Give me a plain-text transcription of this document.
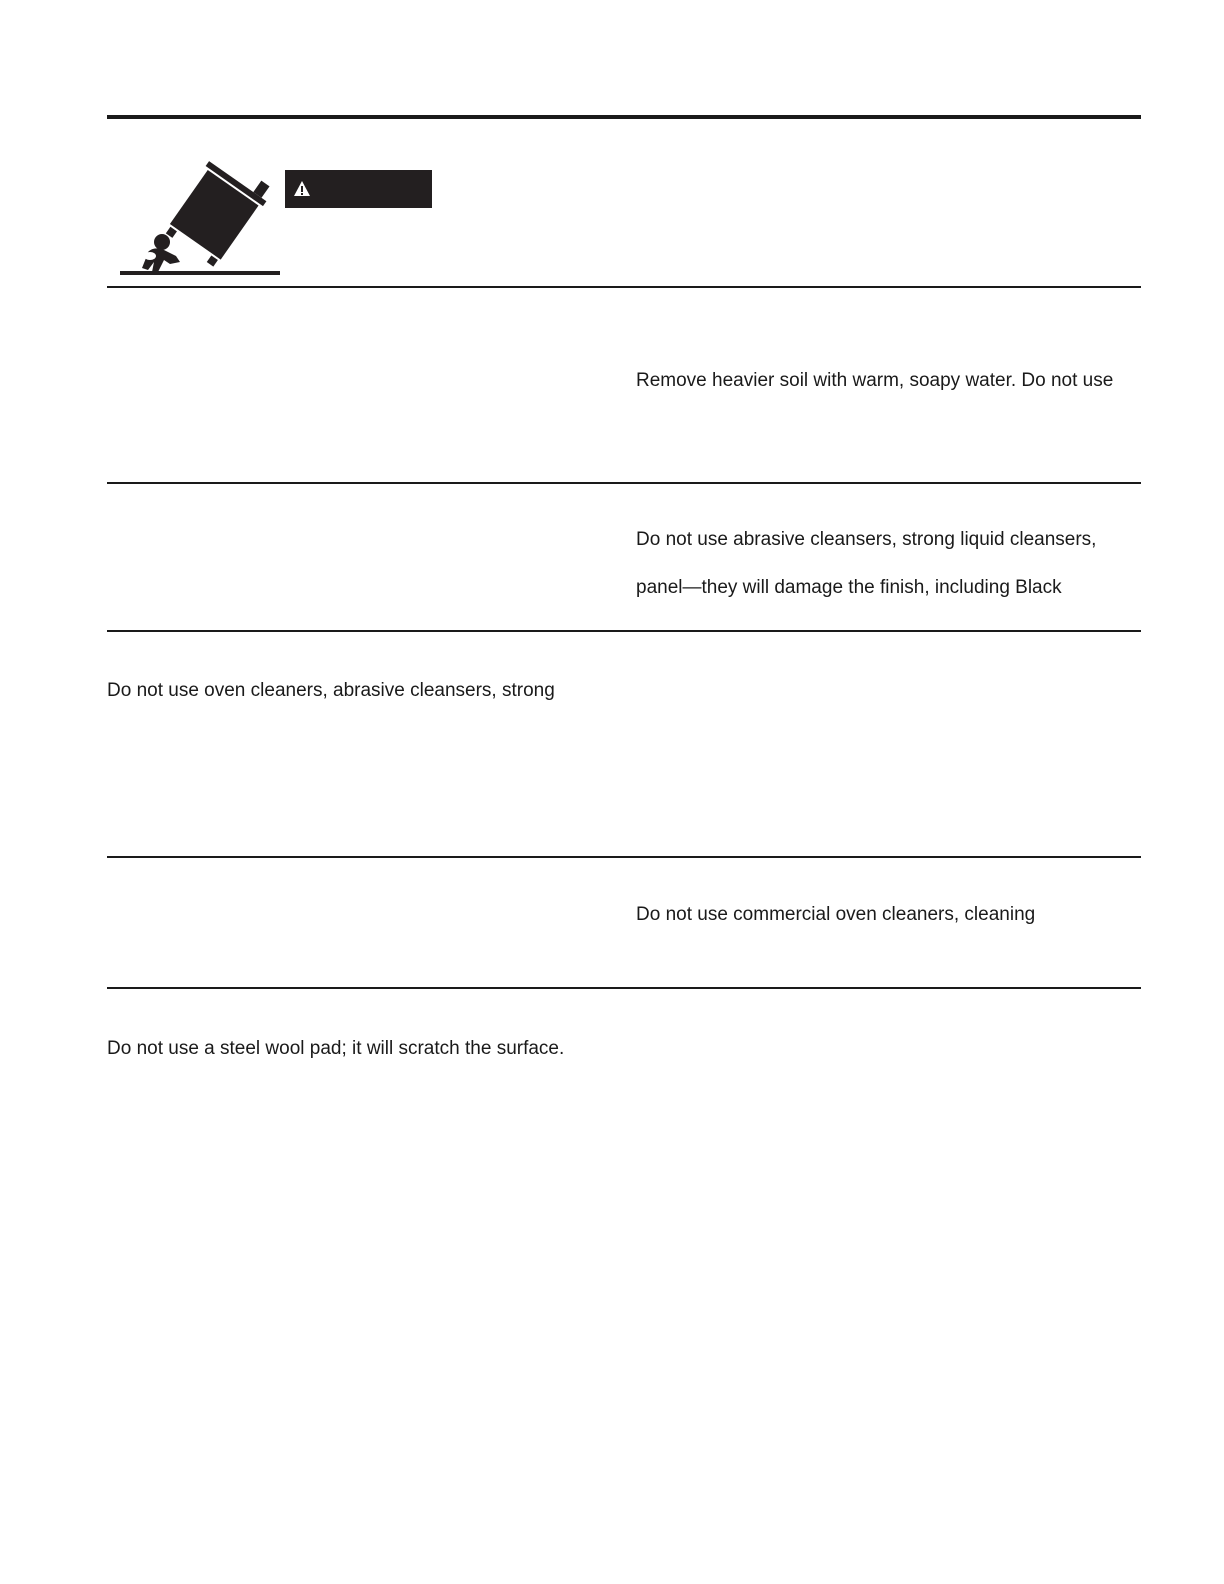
Remove heavier soil with warm, soapy water. Do not use
Do not use abrasive cleansers, strong liquid cleansers,
panel—they will damage the finish, including Black
Do not use oven cleaners, abrasive cleansers, strong
Do not use commercial oven cleaners, cleaning
Do not use a steel wool pad; it will scratch the surface.
